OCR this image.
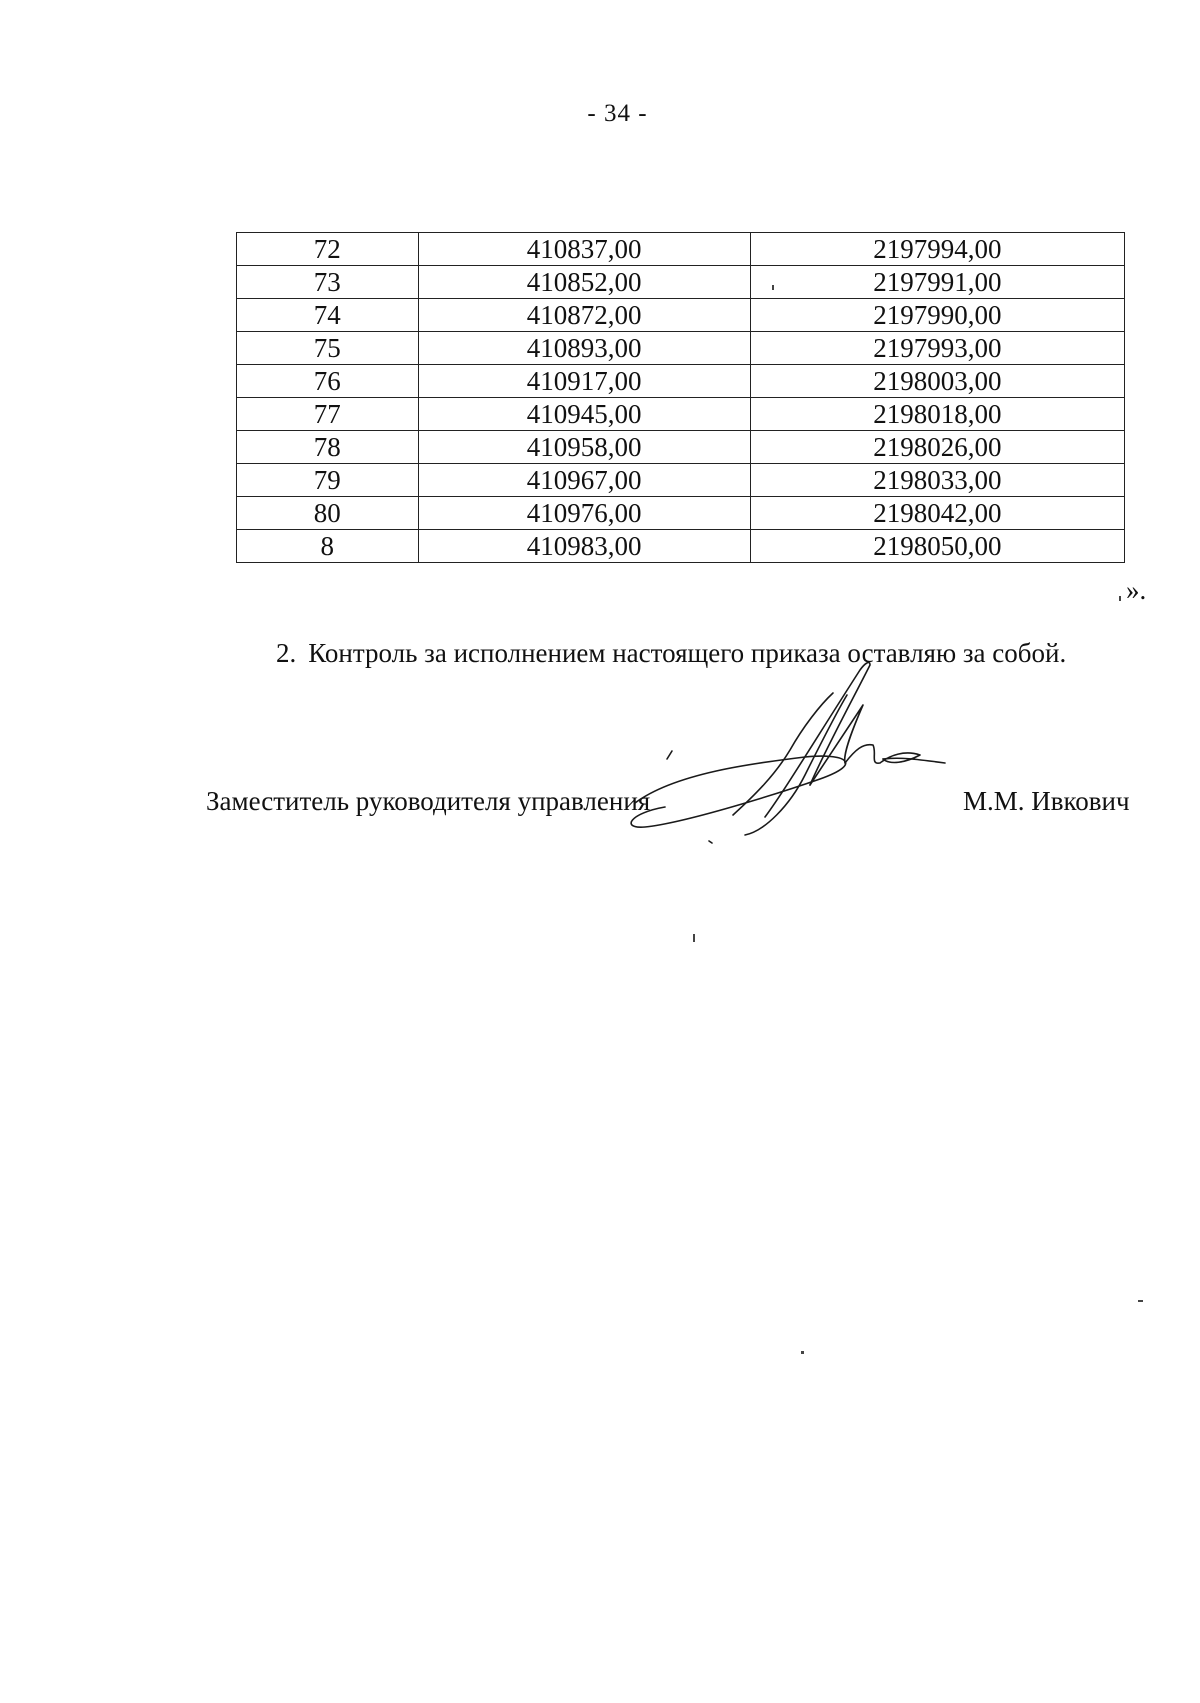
- 34 -
72	410837,00	2197994,00
73	410852,00	2197991,00
74	410872,00	2197990,00
75	410893,00	2197993,00
76	410917,00	2198003,00
77	410945,00	2198018,00
78	410958,00	2198026,00
79	410967,00	2198033,00
80	410976,00	2198042,00
8	410983,00	2198050,00
».
2. Контроль за исполнением настоящего приказа оставляю за собой.
Заместитель руководителя управления	М.М. Ивкович
